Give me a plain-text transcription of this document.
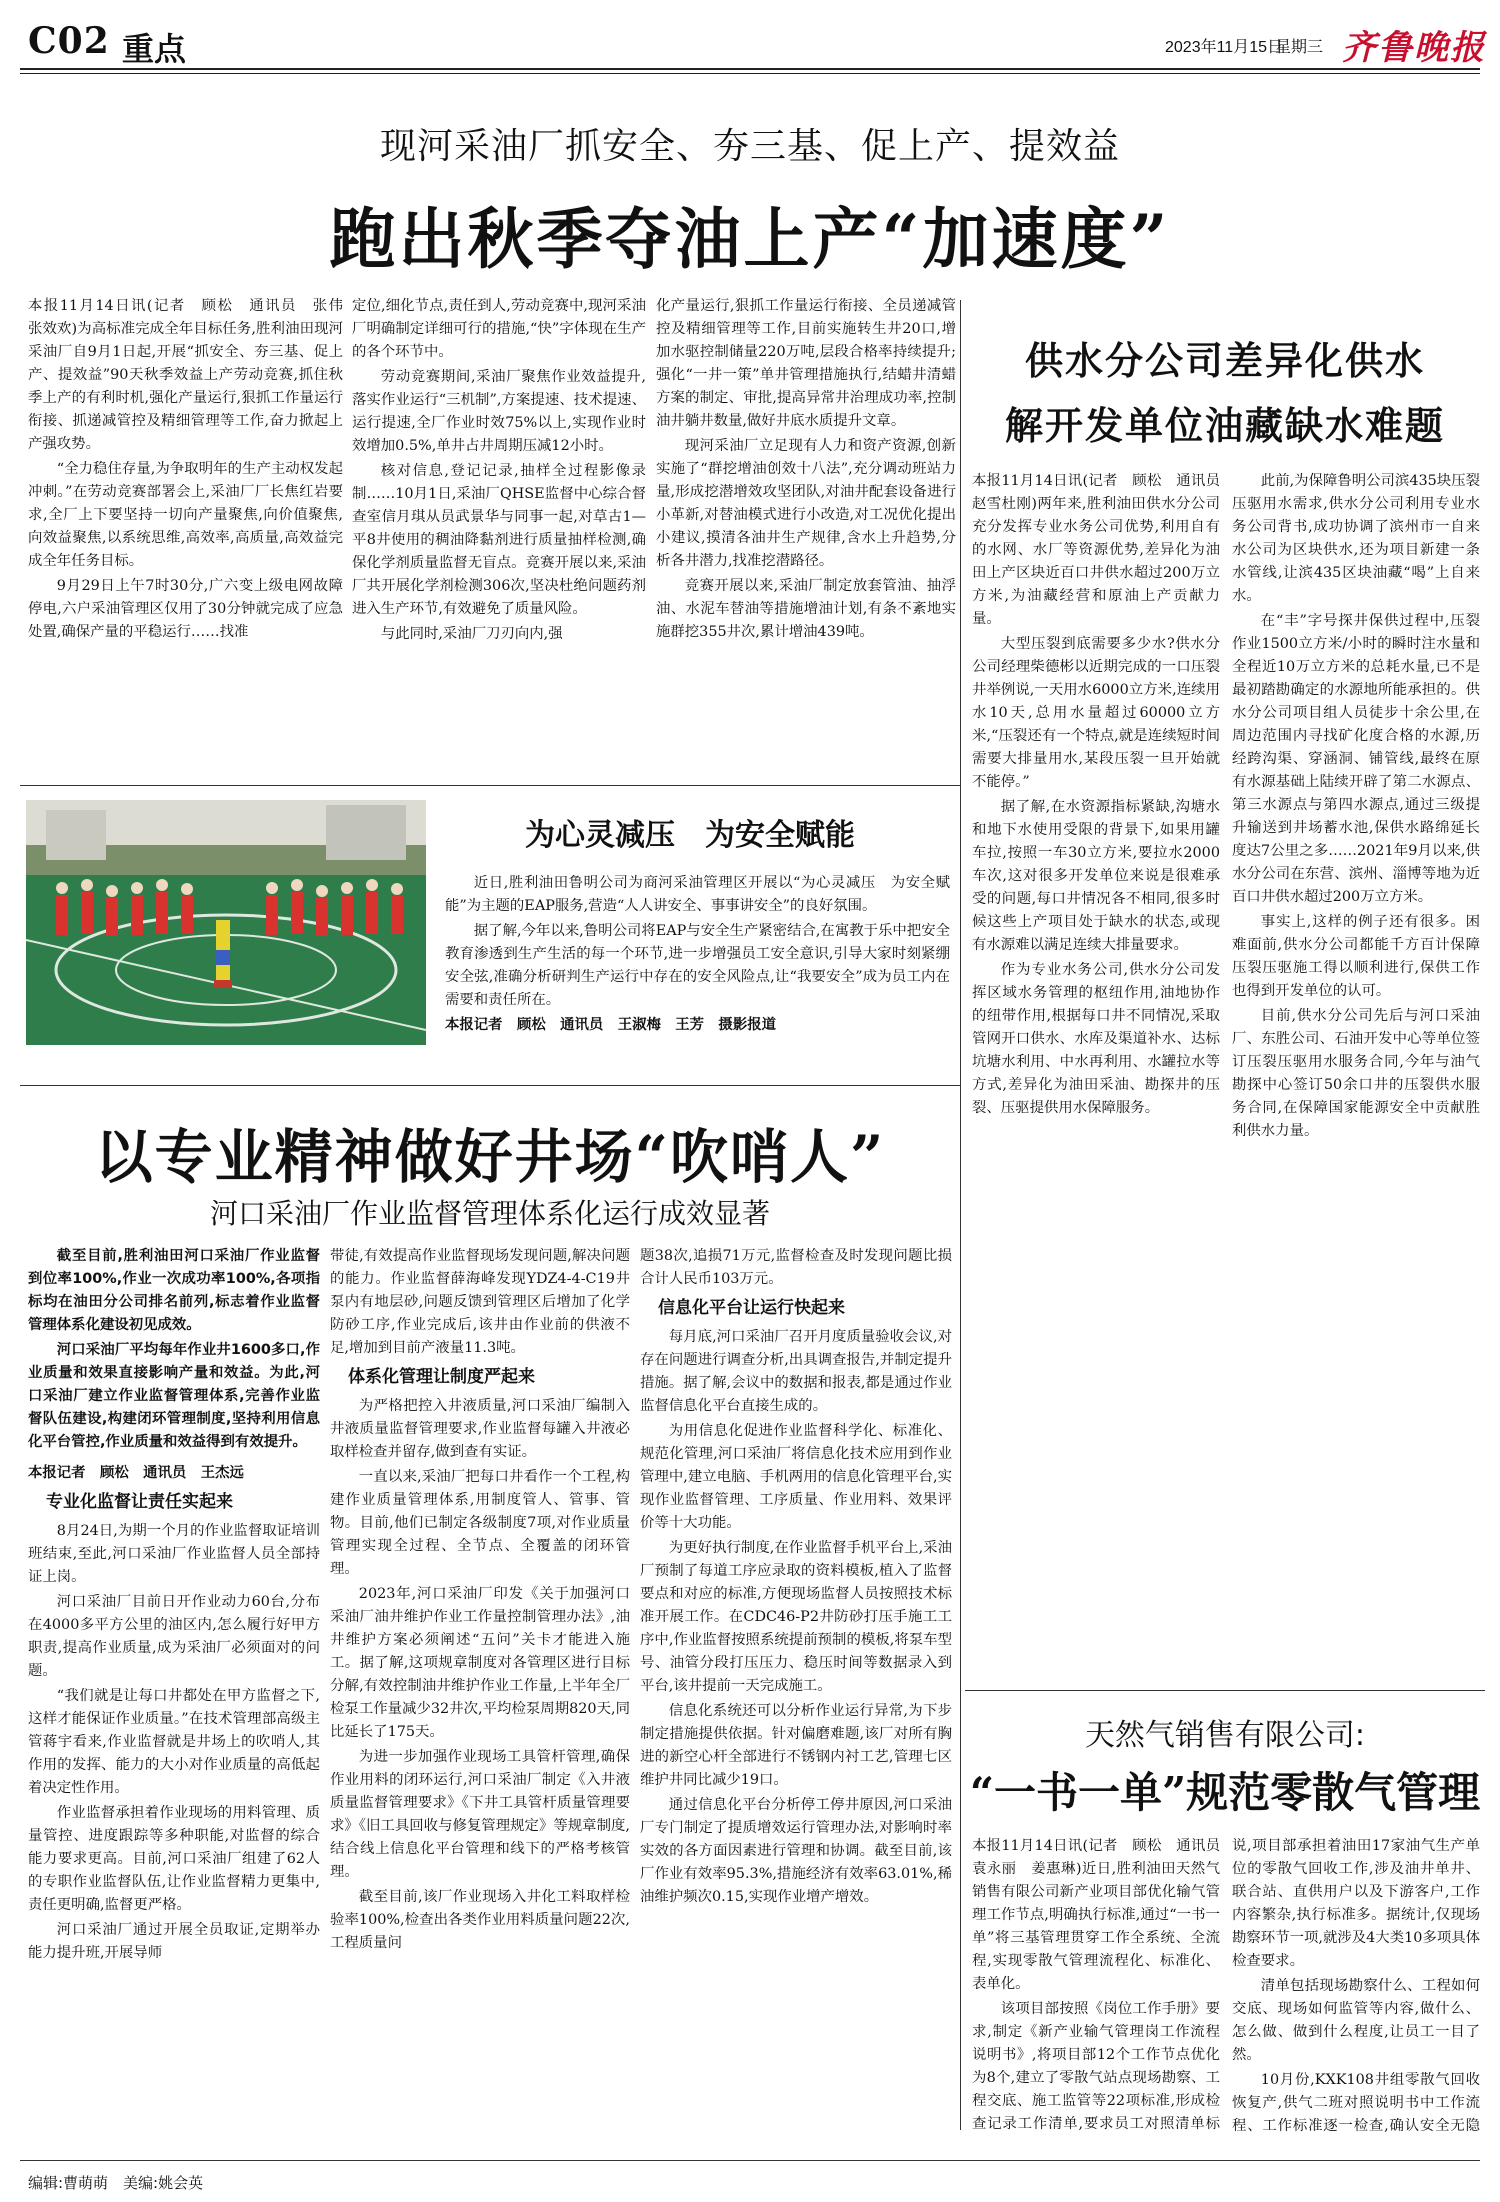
C02 重点	2023年11月15日
星期三 齐鲁晚报
现河采油厂抓安全、夯三基、促上产、提效益
跑出秋季夺油上产“加速度”

本报11月14日讯(记者　顾松　通讯员　张伟　张效欢)为高标准完成全年目标任务,胜利油田现河采油厂自9月1日起,开展“抓安全、夯三基、促上产、提效益”90天秋季效益上产劳动竞赛,抓住秋季上产的有利时机,强化产量运行,狠抓工作量运行衔接、抓递减管控及精细管理等工作,奋力掀起上产强攻势。

“全力稳住存量,为争取明年的生产主动权发起冲刺。”在劳动竞赛部署会上,采油厂厂长焦红岩要求,全厂上下要坚持一切向产量聚焦,向价值聚焦,向效益聚焦,以系统思维,高效率,高质量,高效益完成全年任务目标。

9月29日上午7时30分,广六变上级电网故障停电,六户采油管理区仅用了30分钟就完成了应急处置,确保产量的平稳运行……找准

定位,细化节点,责任到人,劳动竞赛中,现河采油厂明确制定详细可行的措施,“快”字体现在生产的各个环节中。

劳动竞赛期间,采油厂聚焦作业效益提升,落实作业运行“三机制”,方案提速、技术提速、运行提速,全厂作业时效75%以上,实现作业时效增加0.5%,单井占井周期压减12小时。

核对信息,登记记录,抽样全过程影像录制……10月1日,采油厂QHSE监督中心综合督查室信月琪从员武景华与同事一起,对草古1—平8井使用的稠油降黏剂进行质量抽样检测,确保化学剂质量监督无盲点。竞赛开展以来,采油厂共开展化学剂检测306次,坚决杜绝问题药剂进入生产环节,有效避免了质量风险。

与此同时,采油厂刀刃向内,强

化产量运行,狠抓工作量运行衔接、全员递减管控及精细管理等工作,目前实施转生井20口,增加水驱控制储量220万吨,层段合格率持续提升;强化“一井一策”单井管理措施执行,结蜡井清蜡方案的制定、审批,提高异常井治理成功率,控制油井躺井数量,做好井底水质提升文章。

现河采油厂立足现有人力和资产资源,创新实施了“群挖增油创效十八法”,充分调动班站力量,形成挖潜增效攻坚团队,对油井配套设备进行小革新,对替油模式进行小改造,对工况优化提出小建议,摸清各油井生产规律,含水上升趋势,分析各井潜力,找准挖潜路径。

竞赛开展以来,采油厂制定放套管油、抽浮油、水泥车替油等措施增油计划,有条不紊地实施群挖355井次,累计增油439吨。

供水分公司差异化供水
解开发单位油藏缺水难题

本报11月14日讯(记者　顾松　通讯员　赵雪杜刚)两年来,胜利油田供水分公司充分发挥专业水务公司优势,利用自有的水网、水厂等资源优势,差异化为油田上产区块近百口井供水超过200万立方米,为油藏经营和原油上产贡献力量。

大型压裂到底需要多少水?供水分公司经理柴德彬以近期完成的一口压裂井举例说,一天用水6000立方米,连续用水10天,总用水量超过60000立方米,“压裂还有一个特点,就是连续短时间需要大排量用水,某段压裂一旦开始就不能停。”

据了解,在水资源指标紧缺,沟塘水和地下水使用受限的背景下,如果用罐车拉,按照一车30立方米,要拉水2000车次,这对很多开发单位来说是很难承受的问题,每口井情况各不相同,很多时候这些上产项目处于缺水的状态,或现有水源难以满足连续大排量要求。

作为专业水务公司,供水分公司发挥区域水务管理的枢纽作用,油地协作的纽带作用,根据每口井不同情况,采取管网开口供水、水库及渠道补水、达标坑塘水利用、中水再利用、水罐拉水等方式,差异化为油田采油、勘探井的压裂、压驱提供用水保障服务。

此前,为保障鲁明公司滨435块压裂压驱用水需求,供水分公司利用专业水务公司背书,成功协调了滨州市一自来水公司为区块供水,还为项目新建一条水管线,让滨435区块油藏“喝”上自来水。

在“丰”字号探井保供过程中,压裂作业1500立方米/小时的瞬时注水量和全程近10万立方米的总耗水量,已不是最初踏勘确定的水源地所能承担的。供水分公司项目组人员徒步十余公里,在周边范围内寻找矿化度合格的水源,历经跨沟渠、穿涵洞、铺管线,最终在原有水源基础上陆续开辟了第二水源点、第三水源点与第四水源点,通过三级提升输送到井场蓄水池,保供水路绵延长度达7公里之多……2021年9月以来,供水分公司在东营、滨州、淄博等地为近百口井供水超过200万立方米。

事实上,这样的例子还有很多。困难面前,供水分公司都能千方百计保障压裂压驱施工得以顺利进行,保供工作也得到开发单位的认可。

目前,供水分公司先后与河口采油厂、东胜公司、石油开发中心等单位签订压裂压驱用水服务合同,今年与油气勘探中心签订50余口井的压裂供水服务合同,在保障国家能源安全中贡献胜利供水力量。

为心灵减压　为安全赋能

近日,胜利油田鲁明公司为商河采油管理区开展以“为心灵减压　为安全赋能”为主题的EAP服务,营造“人人讲安全、事事讲安全”的良好氛围。

据了解,今年以来,鲁明公司将EAP与安全生产紧密结合,在寓教于乐中把安全教育渗透到生产生活的每一个环节,进一步增强员工安全意识,引导大家时刻紧绷安全弦,准确分析研判生产运行中存在的安全风险点,让“我要安全”成为员工内在需要和责任所在。

本报记者　顾松　通讯员　王淑梅　王芳　摄影报道

以专业精神做好井场“吹哨人”
河口采油厂作业监督管理体系化运行成效显著

截至目前,胜利油田河口采油厂作业监督到位率100%,作业一次成功率100%,各项指标均在油田分公司排名前列,标志着作业监督管理体系化建设初见成效。

河口采油厂平均每年作业井1600多口,作业质量和效果直接影响产量和效益。为此,河口采油厂建立作业监督管理体系,完善作业监督队伍建设,构建闭环管理制度,坚持利用信息化平台管控,作业质量和效益得到有效提升。

本报记者　顾松　通讯员　王杰远

专业化监督让责任实起来

8月24日,为期一个月的作业监督取证培训班结束,至此,河口采油厂作业监督人员全部持证上岗。

河口采油厂目前日开作业动力60台,分布在4000多平方公里的油区内,怎么履行好甲方职责,提高作业质量,成为采油厂必须面对的问题。

“我们就是让每口井都处在甲方监督之下,这样才能保证作业质量。”在技术管理部高级主管蒋宇看来,作业监督就是井场上的吹哨人,其作用的发挥、能力的大小对作业质量的高低起着决定性作用。

作业监督承担着作业现场的用料管理、质量管控、进度跟踪等多种职能,对监督的综合能力要求更高。目前,河口采油厂组建了62人的专职作业监督队伍,让作业监督精力更集中,责任更明确,监督更严格。

河口采油厂通过开展全员取证,定期举办能力提升班,开展导师

带徒,有效提高作业监督现场发现问题,解决问题的能力。作业监督薛海峰发现YDZ4-4-C19井泵内有地层砂,问题反馈到管理区后增加了化学防砂工序,作业完成后,该井由作业前的供液不足,增加到目前产液量11.3吨。

体系化管理让制度严起来

为严格把控入井液质量,河口采油厂编制入井液质量监督管理要求,作业监督每罐入井液必取样检查并留存,做到查有实证。

一直以来,采油厂把每口井看作一个工程,构建作业质量管理体系,用制度管人、管事、管物。目前,他们已制定各级制度7项,对作业质量管理实现全过程、全节点、全覆盖的闭环管理。

2023年,河口采油厂印发《关于加强河口采油厂油井维护作业工作量控制管理办法》,油井维护方案必须阐述“五问”关卡才能进入施工。据了解,这项规章制度对各管理区进行目标分解,有效控制油井维护作业工作量,上半年全厂检泵工作量减少32井次,平均检泵周期820天,同比延长了175天。

为进一步加强作业现场工具管杆管理,确保作业用料的闭环运行,河口采油厂制定《入井液质量监督管理要求》《下井工具管杆质量管理要求》《旧工具回收与修复管理规定》等规章制度,结合线上信息化平台管理和线下的严格考核管理。

截至目前,该厂作业现场入井化工料取样检验率100%,检查出各类作业用料质量问题22次,工程质量问

题38次,追损71万元,监督检查及时发现问题比损合计人民币103万元。

信息化平台让运行快起来

每月底,河口采油厂召开月度质量验收会议,对存在问题进行调查分析,出具调查报告,并制定提升措施。据了解,会议中的数据和报表,都是通过作业监督信息化平台直接生成的。

为用信息化促进作业监督科学化、标准化、规范化管理,河口采油厂将信息化技术应用到作业管理中,建立电脑、手机两用的信息化管理平台,实现作业监督管理、工序质量、作业用料、效果评价等十大功能。

为更好执行制度,在作业监督手机平台上,采油厂预制了每道工序应录取的资料模板,植入了监督要点和对应的标准,方便现场监督人员按照技术标准开展工作。在CDC46-P2井防砂打压手施工工序中,作业监督按照系统提前预制的模板,将泵车型号、油管分段打压压力、稳压时间等数据录入到平台,该井提前一天完成施工。

信息化系统还可以分析作业运行异常,为下步制定措施提供依据。针对偏磨难题,该厂对所有胸进的新空心杆全部进行不锈钢内衬工艺,管理七区维护井同比减少19口。

通过信息化平台分析停工停井原因,河口采油厂专门制定了提质增效运行管理办法,对影响时率实效的各方面因素进行管理和协调。截至目前,该厂作业有效率95.3%,措施经济有效率63.01%,稀油维护频次0.15,实现作业增产增效。

天然气销售有限公司:
“一书一单”规范零散气管理

本报11月14日讯(记者　顾松　通讯员　袁永丽　姜惠琳)近日,胜利油田天然气销售有限公司新产业项目部优化输气管理工作节点,明确执行标准,通过“一书一单”将三基管理贯穿工作全系统、全流程,实现零散气管理流程化、标准化、表单化。

该项目部按照《岗位工作手册》要求,制定《新产业输气管理岗工作流程说明书》,将项目部12个工作节点优化为8个,建立了零散气站点现场勘察、工程交底、施工监管等22项标准,形成检查记录工作清单,要求员工对照清单标

说,项目部承担着油田17家油气生产单位的零散气回收工作,涉及油井单井、联合站、直供用户以及下游客户,工作内容繁杂,执行标准多。据统计,仅现场勘察环节一项,就涉及4大类10多项具体检查要求。

清单包括现场勘察什么、工程如何交底、现场如何监管等内容,做什么、怎么做、做到什么程度,让员工一目了然。

10月份,KXK108井组零散气回收恢复产,供气二班对照说明书中工作流程、工作标准逐一检查,确认安全无隐

编辑:曹萌萌　美编:姚会英
